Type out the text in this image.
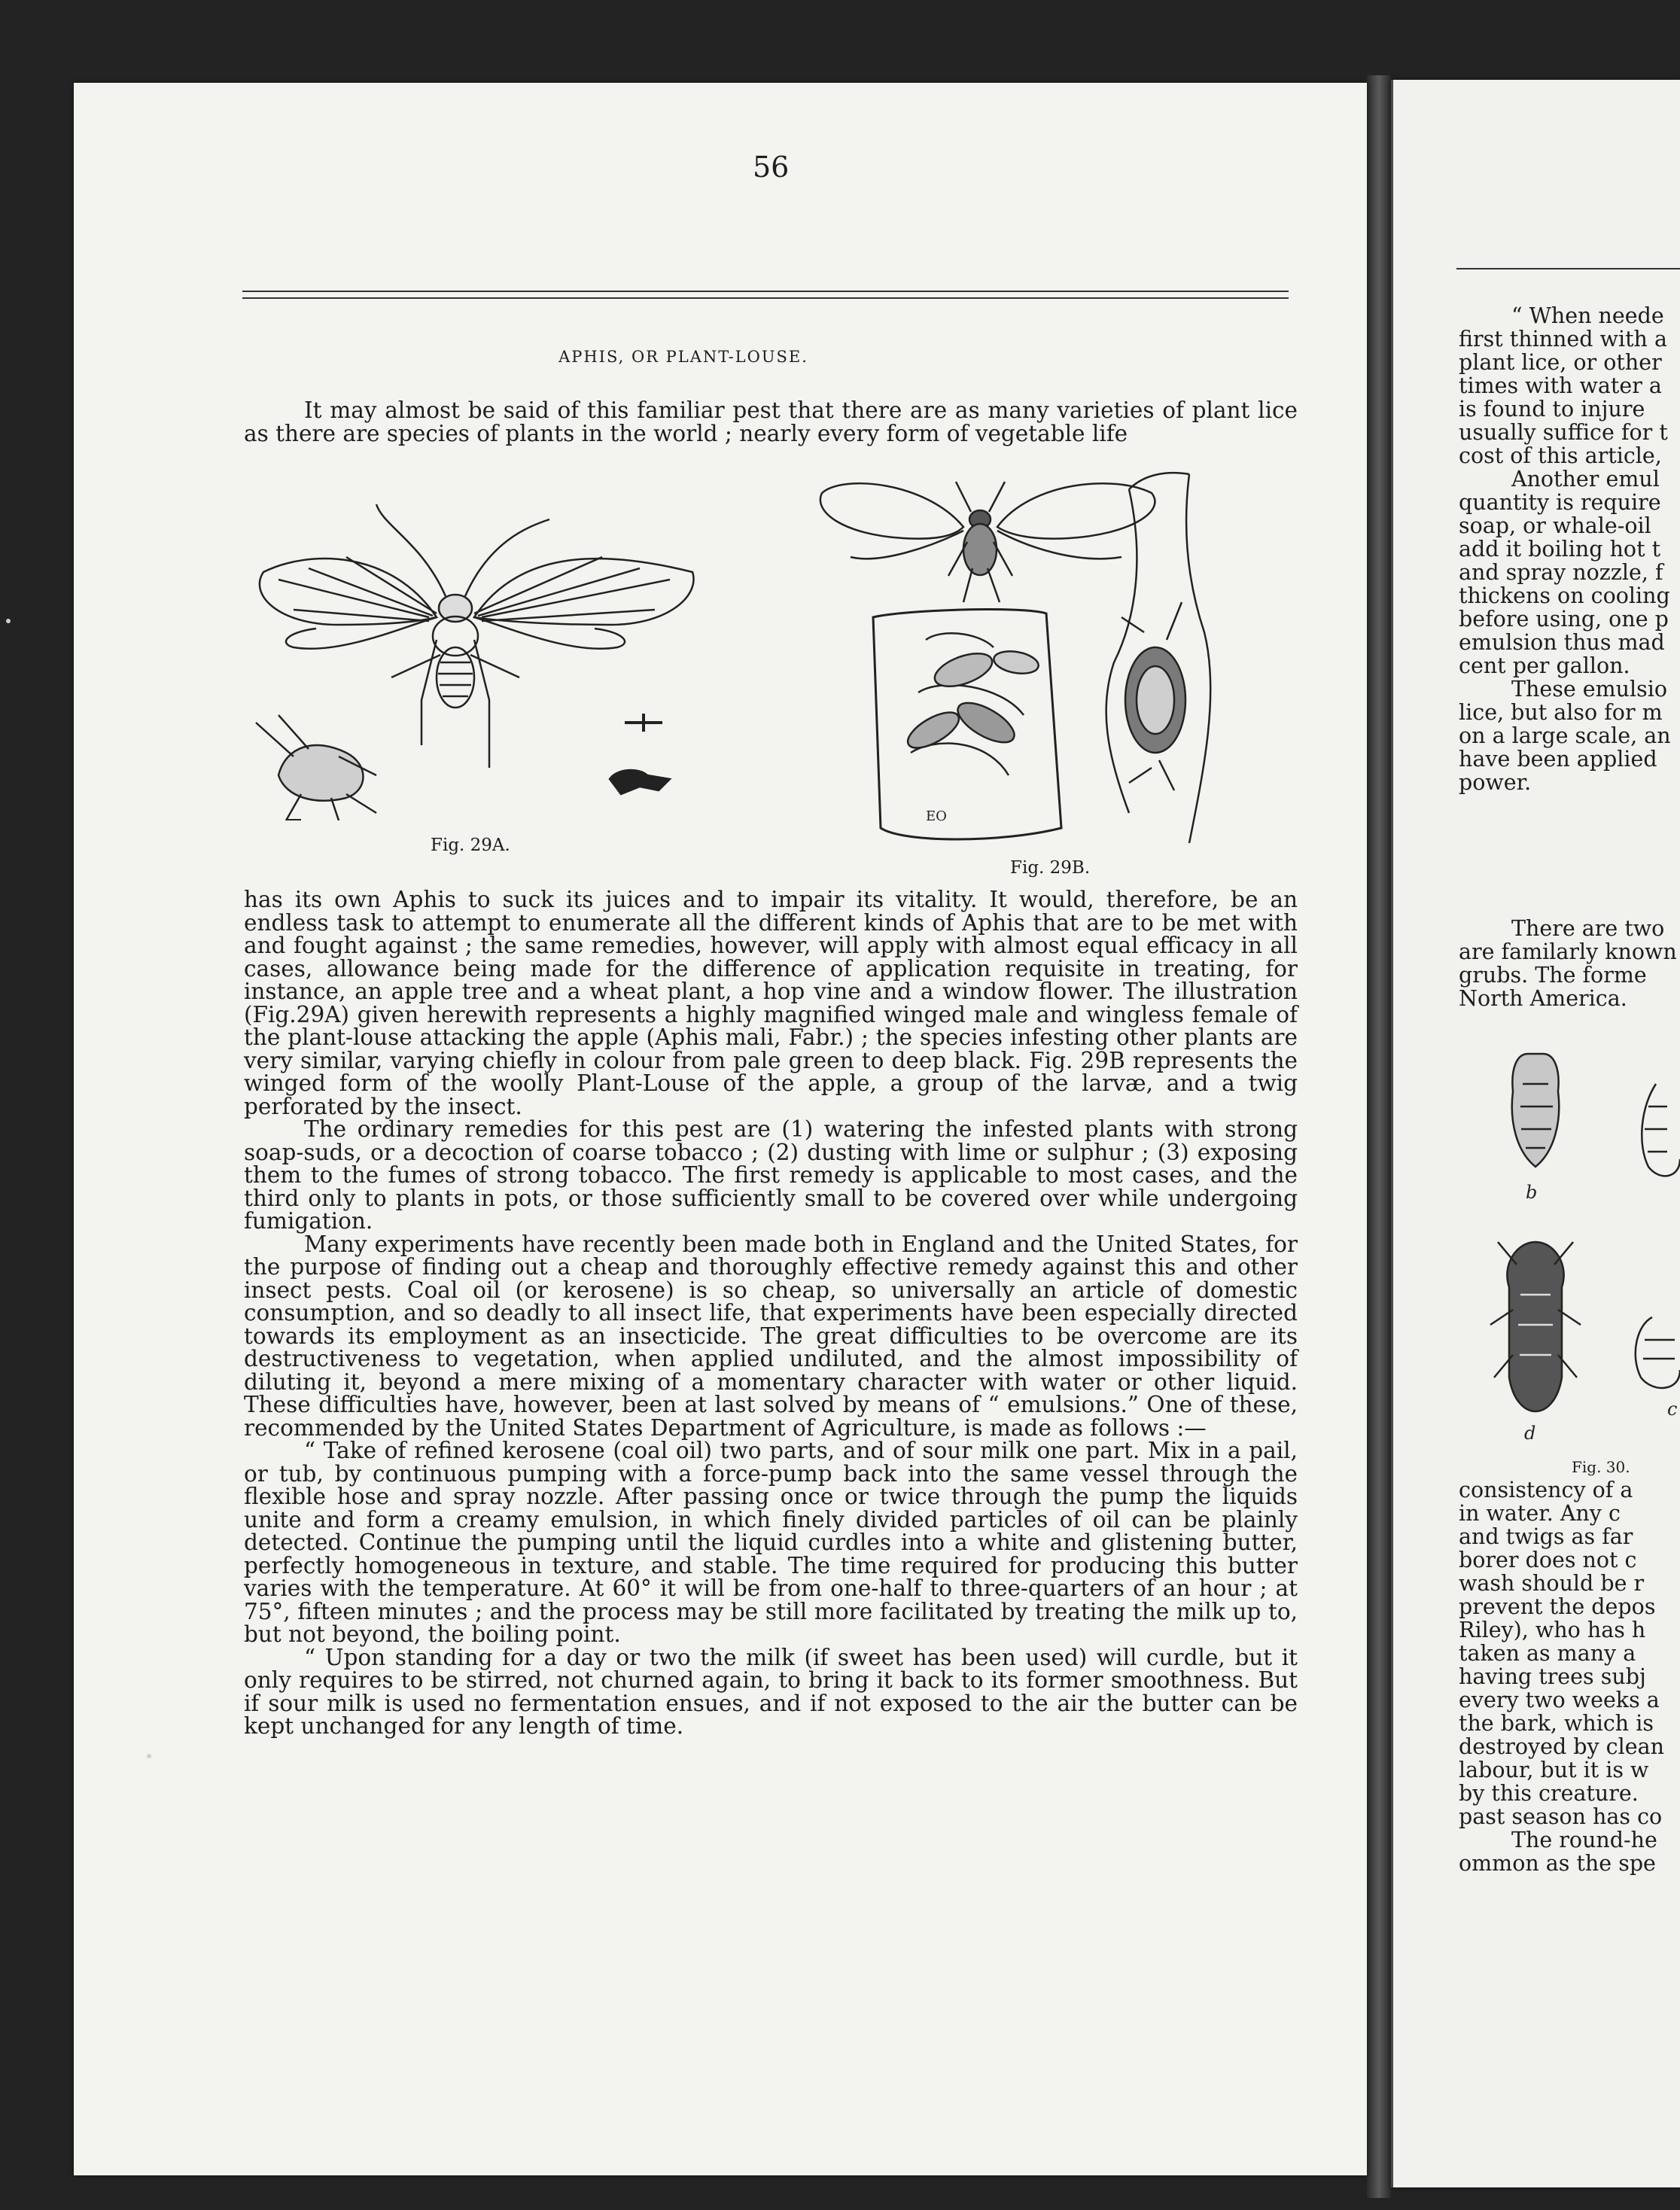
56
APHIS, OR PLANT-LOUSE.

It may almost be said of this familiar pest that there are as many varieties of plant lice as there are species of plants in the world ; nearly every form of vegetable life

Fig. 29A.
EO
Fig. 29B.

has its own Aphis to suck its juices and to impair its vitality. It would, therefore, be an endless task to attempt to enumerate all the different kinds of Aphis that are to be met with and fought against ; the same remedies, however, will apply with almost equal efficacy in all cases, allowance being made for the difference of application requisite in treating, for instance, an apple tree and a wheat plant, a hop vine and a window flower. The illustration (Fig.29A) given herewith represents a highly magnified winged male and wingless female of the plant-louse attacking the apple (Aphis mali, Fabr.) ; the species infesting other plants are very similar, varying chiefly in colour from pale green to deep black. Fig. 29B represents the winged form of the woolly Plant-Louse of the apple, a group of the larvæ, and a twig perforated by the insect.

The ordinary remedies for this pest are (1) watering the infested plants with strong soap-suds, or a decoction of coarse tobacco ; (2) dusting with lime or sulphur ; (3) exposing them to the fumes of strong tobacco. The first remedy is applicable to most cases, and the third only to plants in pots, or those sufficiently small to be covered over while undergoing fumigation.

Many experiments have recently been made both in England and the United States, for the purpose of finding out a cheap and thoroughly effective remedy against this and other insect pests. Coal oil (or kerosene) is so cheap, so universally an article of domestic consumption, and so deadly to all insect life, that experiments have been especially directed towards its employment as an insecticide. The great difficulties to be overcome are its destructiveness to vegetation, when applied undiluted, and the almost impossibility of diluting it, beyond a mere mixing of a momentary character with water or other liquid. These difficulties have, however, been at last solved by means of “ emulsions.” One of these, recommended by the United States Department of Agriculture, is made as follows :—

“ Take of refined kerosene (coal oil) two parts, and of sour milk one part. Mix in a pail, or tub, by continuous pumping with a force-pump back into the same vessel through the flexible hose and spray nozzle. After passing once or twice through the pump the liquids unite and form a creamy emulsion, in which finely divided particles of oil can be plainly detected. Continue the pumping until the liquid curdles into a white and glistening butter, perfectly homogeneous in texture, and stable. The time required for producing this butter varies with the temperature. At 60° it will be from one-half to three-quarters of an hour ; at 75°, fifteen minutes ; and the process may be still more facilitated by treating the milk up to, but not beyond, the boiling point.

“ Upon standing for a day or two the milk (if sweet has been used) will curdle, but it only requires to be stirred, not churned again, to bring it back to its former smoothness. But if sour milk is used no fermentation ensues, and if not exposed to the air the butter can be kept unchanged for any length of time.

“ When neede

first thinned with a

plant lice, or other

times with water a

is found to injure

usually suffice for t

cost of this article,

Another emul

quantity is require

soap, or whale-oil

add it boiling hot t

and spray nozzle, f

thickens on cooling

before using, one p

emulsion thus mad

cent per gallon.

These emulsio

lice, but also for m

on a large scale, an

have been applied

power.

There are two

are familarly known

grubs. The forme

North America.

b
d
c
Fig. 30.

consistency of a

in water. Any c

and twigs as far

borer does not c

wash should be r

prevent the depos

Riley), who has h

taken as many a

having trees subj

every two weeks a

the bark, which is

destroyed by clean

labour, but it is w

by this creature.

past season has co

The round-he

ommon as the spe
